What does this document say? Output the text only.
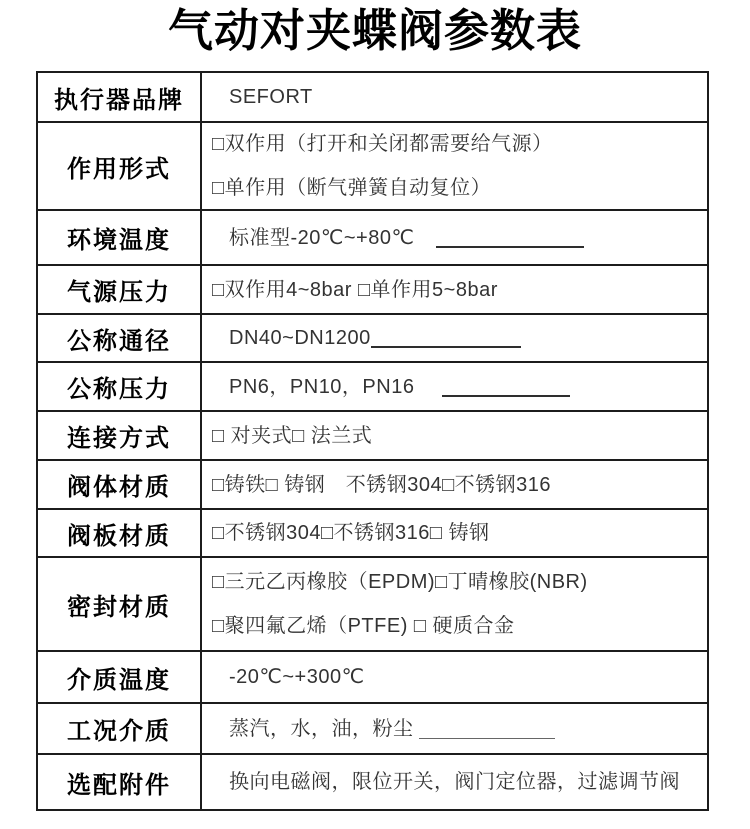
气动对夹蝶阀参数表
执行器品牌	SEFORT

作用形式	□双作用（打开和关闭都需要给气源）
□单作用（断气弹簧自动复位）

环境温度	标准型-20℃~+80℃

气源压力	□双作用4~8bar □单作用5~8bar

公称通径	DN40~DN1200

公称压力	PN6，PN10，PN16

连接方式	□ 对夹式□ 法兰式

阀体材质	□铸铁□ 铸钢　不锈钢304□不锈钢316

阀板材质	□不锈钢304□不锈钢316□ 铸钢

密封材质	□三元乙丙橡胶（EPDM)□丁晴橡胶(NBR)
□聚四氟乙烯（PTFE) □ 硬质合金

介质温度	-20℃~+300℃

工况介质	蒸汽，水，油，粉尘

选配附件	换向电磁阀，限位开关，阀门定位器，过滤调节阀
